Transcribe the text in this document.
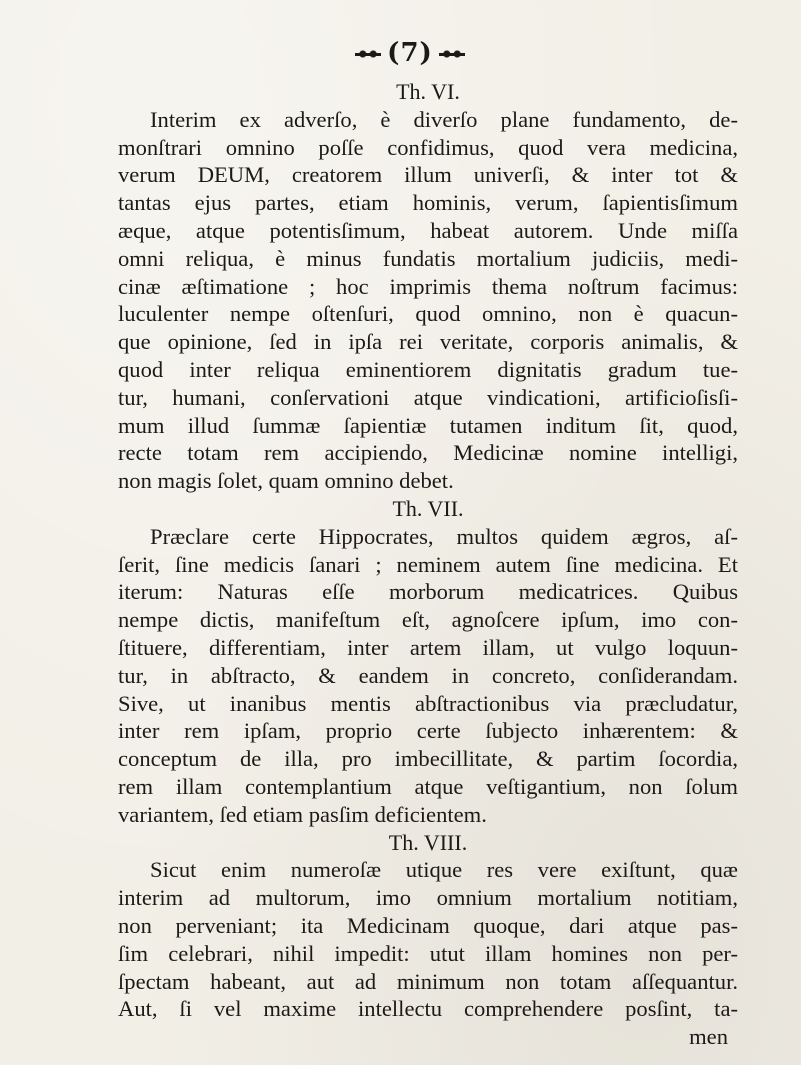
(7)
Th. VI.
Interim ex adverſo, è diverſo plane fundamento, de-
monſtrari omnino poſſe confidimus, quod vera medicina,
verum DEUM, creatorem illum univerſi, & inter tot &
tantas ejus partes, etiam hominis, verum, ſapientisſimum
æque, atque potentisſimum, habeat autorem. Unde miſſa
omni reliqua, è minus fundatis mortalium judiciis, medi-
cinæ æſtimatione ; hoc imprimis thema noſtrum facimus:
luculenter nempe oſtenſuri, quod omnino, non è quacun-
que opinione, ſed in ipſa rei veritate, corporis animalis, &
quod inter reliqua eminentiorem dignitatis gradum tue-
tur, humani, conſervationi atque vindicationi, artificioſisſi-
mum illud ſummæ ſapientiæ tutamen inditum ſit, quod,
recte totam rem accipiendo, Medicinæ nomine intelligi,
non magis ſolet, quam omnino debet.
Th. VII.
Præclare certe Hippocrates, multos quidem ægros, aſ-
ſerit, ſine medicis ſanari ; neminem autem ſine medicina. Et
iterum: Naturas eſſe morborum medicatrices. Quibus
nempe dictis, manifeſtum eſt, agnoſcere ipſum, imo con-
ſtituere, differentiam, inter artem illam, ut vulgo loquun-
tur, in abſtracto, & eandem in concreto, conſiderandam.
Sive, ut inanibus mentis abſtractionibus via præcludatur,
inter rem ipſam, proprio certe ſubjecto inhærentem: &
conceptum de illa, pro imbecillitate, & partim ſocordia,
rem illam contemplantium atque veſtigantium, non ſolum
variantem, ſed etiam pasſim deficientem.
Th. VIII.
Sicut enim numeroſæ utique res vere exiſtunt, quæ
interim ad multorum, imo omnium mortalium notitiam,
non perveniant; ita Medicinam quoque, dari atque pas-
ſim celebrari, nihil impedit: utut illam homines non per-
ſpectam habeant, aut ad minimum non totam aſſequantur.
Aut, ſi vel maxime intellectu comprehendere posſint, ta-
men
